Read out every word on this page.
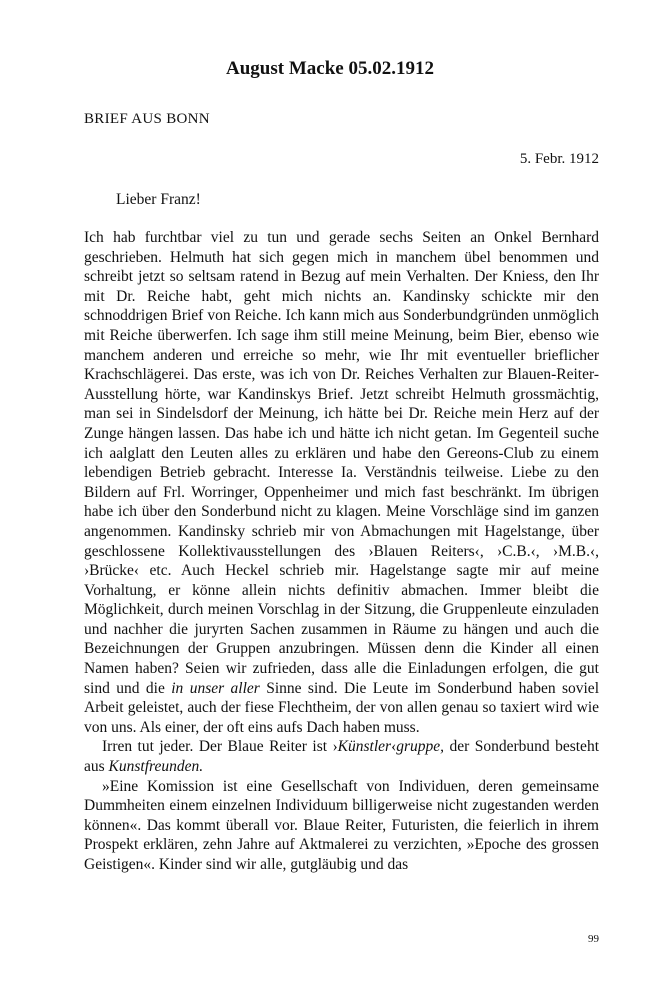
August Macke 05.02.1912
BRIEF AUS BONN
5. Febr. 1912
Lieber Franz!

Ich hab furchtbar viel zu tun und gerade sechs Seiten an Onkel Bernhard geschrieben. Helmuth hat sich gegen mich in manchem übel benommen und schreibt jetzt so seltsam ratend in Bezug auf mein Verhalten. Der Kniess, den Ihr mit Dr. Reiche habt, geht mich nichts an. Kandinsky schickte mir den schnoddrigen Brief von Reiche. Ich kann mich aus Sonderbundgründen unmöglich mit Reiche überwerfen. Ich sage ihm still meine Meinung, beim Bier, ebenso wie manchem anderen und erreiche so mehr, wie Ihr mit eventueller brieflicher Krachschlägerei. Das erste, was ich von Dr. Reiches Verhalten zur Blauen-Reiter-Ausstellung hörte, war Kandinskys Brief. Jetzt schreibt Helmuth grossmächtig, man sei in Sindelsdorf der Meinung, ich hätte bei Dr. Reiche mein Herz auf der Zunge hängen lassen. Das habe ich und hätte ich nicht getan. Im Gegenteil suche ich aalglatt den Leuten alles zu erklären und habe den Gereons-Club zu einem lebendigen Betrieb gebracht. Interesse Ia. Verständnis teilweise. Liebe zu den Bildern auf Frl. Worringer, Oppenheimer und mich fast beschränkt. Im übrigen habe ich über den Sonderbund nicht zu klagen. Meine Vorschläge sind im ganzen angenommen. Kandinsky schrieb mir von Abmachungen mit Hagelstange, über geschlossene Kollektivausstellungen des ›Blauen Reiters‹, ›C.B.‹, ›M.B.‹, ›Brücke‹ etc. Auch Heckel schrieb mir. Hagelstange sagte mir auf meine Vorhaltung, er könne allein nichts definitiv abmachen. Immer bleibt die Möglichkeit, durch meinen Vorschlag in der Sitzung, die Gruppenleute einzuladen und nachher die juryrten Sachen zusammen in Räume zu hängen und auch die Bezeichnungen der Gruppen anzubringen. Müssen denn die Kinder all einen Namen haben? Seien wir zufrieden, dass alle die Einladungen erfolgen, die gut sind und die in unser aller Sinne sind. Die Leute im Sonderbund haben soviel Arbeit geleistet, auch der fiese Flechtheim, der von allen genau so taxiert wird wie von uns. Als einer, der oft eins aufs Dach haben muss.

Irren tut jeder. Der Blaue Reiter ist ›Künstler‹gruppe, der Sonderbund besteht aus Kunstfreunden.

»Eine Komission ist eine Gesellschaft von Individuen, deren gemeinsame Dummheiten einem einzelnen Individuum billigerweise nicht zugestanden werden können«. Das kommt überall vor. Blaue Reiter, Futuristen, die feierlich in ihrem Prospekt erklären, zehn Jahre auf Aktmalerei zu verzichten, »Epoche des grossen Geistigen«. Kinder sind wir alle, gutgläubig und das

99
